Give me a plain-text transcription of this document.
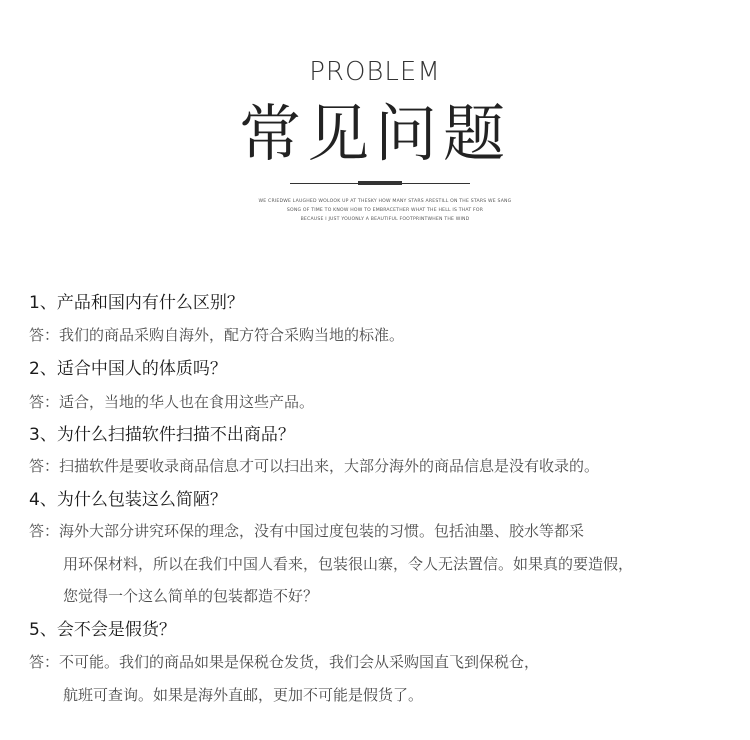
PROBLEM
常见问题
WE CRIEDWE LAUGHED WOLOOK UP AT THESKY HOW MANY STARS ARESTILL ON THE STARS WE SANG
SONG OF TIME TO KNOW HOW TO EMBRACETHER WHAT THE HELL IS THAT FOR
BECAUSE I JUST YOUONLY A BEAUTIFUL FOOTPRINTWHEN THE WIND
1、产品和国内有什么区别？
答：我们的商品采购自海外，配方符合采购当地的标准。
2、适合中国人的体质吗？
答：适合，当地的华人也在食用这些产品。
3、为什么扫描软件扫描不出商品？
答：扫描软件是要收录商品信息才可以扫出来，大部分海外的商品信息是没有收录的。
4、为什么包装这么简陋？
答：海外大部分讲究环保的理念，没有中国过度包装的习惯。包括油墨、胶水等都采
用环保材料，所以在我们中国人看来，包装很山寨，令人无法置信。如果真的要造假，
您觉得一个这么简单的包装都造不好？
5、会不会是假货？
答：不可能。我们的商品如果是保税仓发货，我们会从采购国直飞到保税仓，
航班可查询。如果是海外直邮，更加不可能是假货了。
